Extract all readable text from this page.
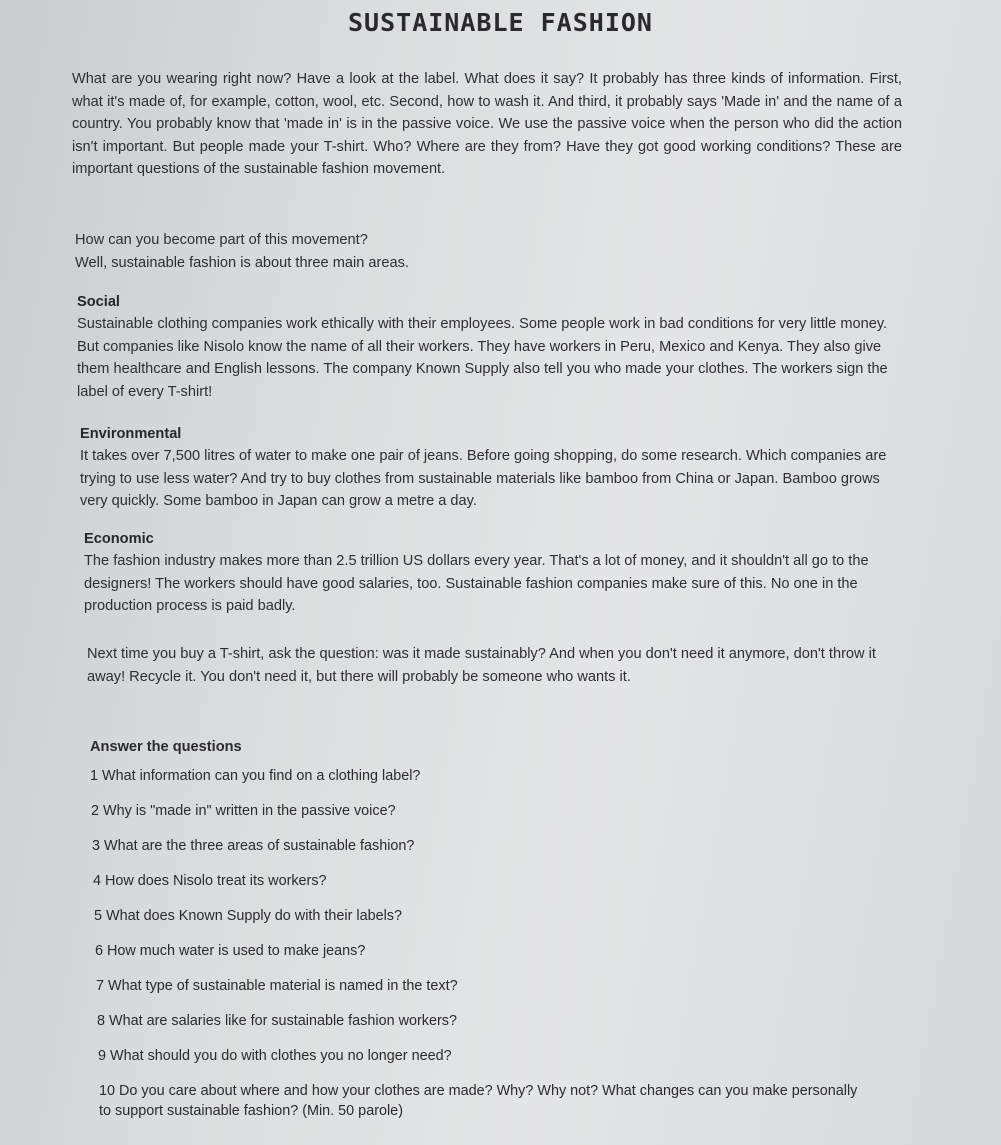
SUSTAINABLE FASHION
What are you wearing right now? Have a look at the label. What does it say? It probably has three kinds of information. First, what it's made of, for example, cotton, wool, etc. Second, how to wash it. And third, it probably says 'Made in' and the name of a country. You probably know that 'made in' is in the passive voice. We use the passive voice when the person who did the action isn't important. But people made your T-shirt. Who? Where are they from? Have they got good working conditions? These are important questions of the sustainable fashion movement.

How can you become part of this movement?

Well, sustainable fashion is about three main areas.

Social

Sustainable clothing companies work ethically with their employees. Some people work in bad conditions for very little money. But companies like Nisolo know the name of all their workers. They have workers in Peru, Mexico and Kenya. They also give them healthcare and English lessons. The company Known Supply also tell you who made your clothes. The workers sign the label of every T-shirt!

Environmental

It takes over 7,500 litres of water to make one pair of jeans. Before going shopping, do some research. Which companies are trying to use less water? And try to buy clothes from sustainable materials like bamboo from China or Japan. Bamboo grows very quickly. Some bamboo in Japan can grow a metre a day.

Economic

The fashion industry makes more than 2.5 trillion US dollars every year. That's a lot of money, and it shouldn't all go to the designers! The workers should have good salaries, too. Sustainable fashion companies make sure of this. No one in the production process is paid badly.

Next time you buy a T-shirt, ask the question: was it made sustainably? And when you don't need it anymore, don't throw it away! Recycle it. You don't need it, but there will probably be someone who wants it.
Answer the questions
1 What information can you find on a clothing label?
2 Why is "made in" written in the passive voice?
3 What are the three areas of sustainable fashion?
4 How does Nisolo treat its workers?
5 What does Known Supply do with their labels?
6 How much water is used to make jeans?
7 What type of sustainable material is named in the text?
8 What are salaries like for sustainable fashion workers?
9 What should you do with clothes you no longer need?
10 Do you care about where and how your clothes are made? Why? Why not? What changes can you make personally to support sustainable fashion? (Min. 50 parole)
